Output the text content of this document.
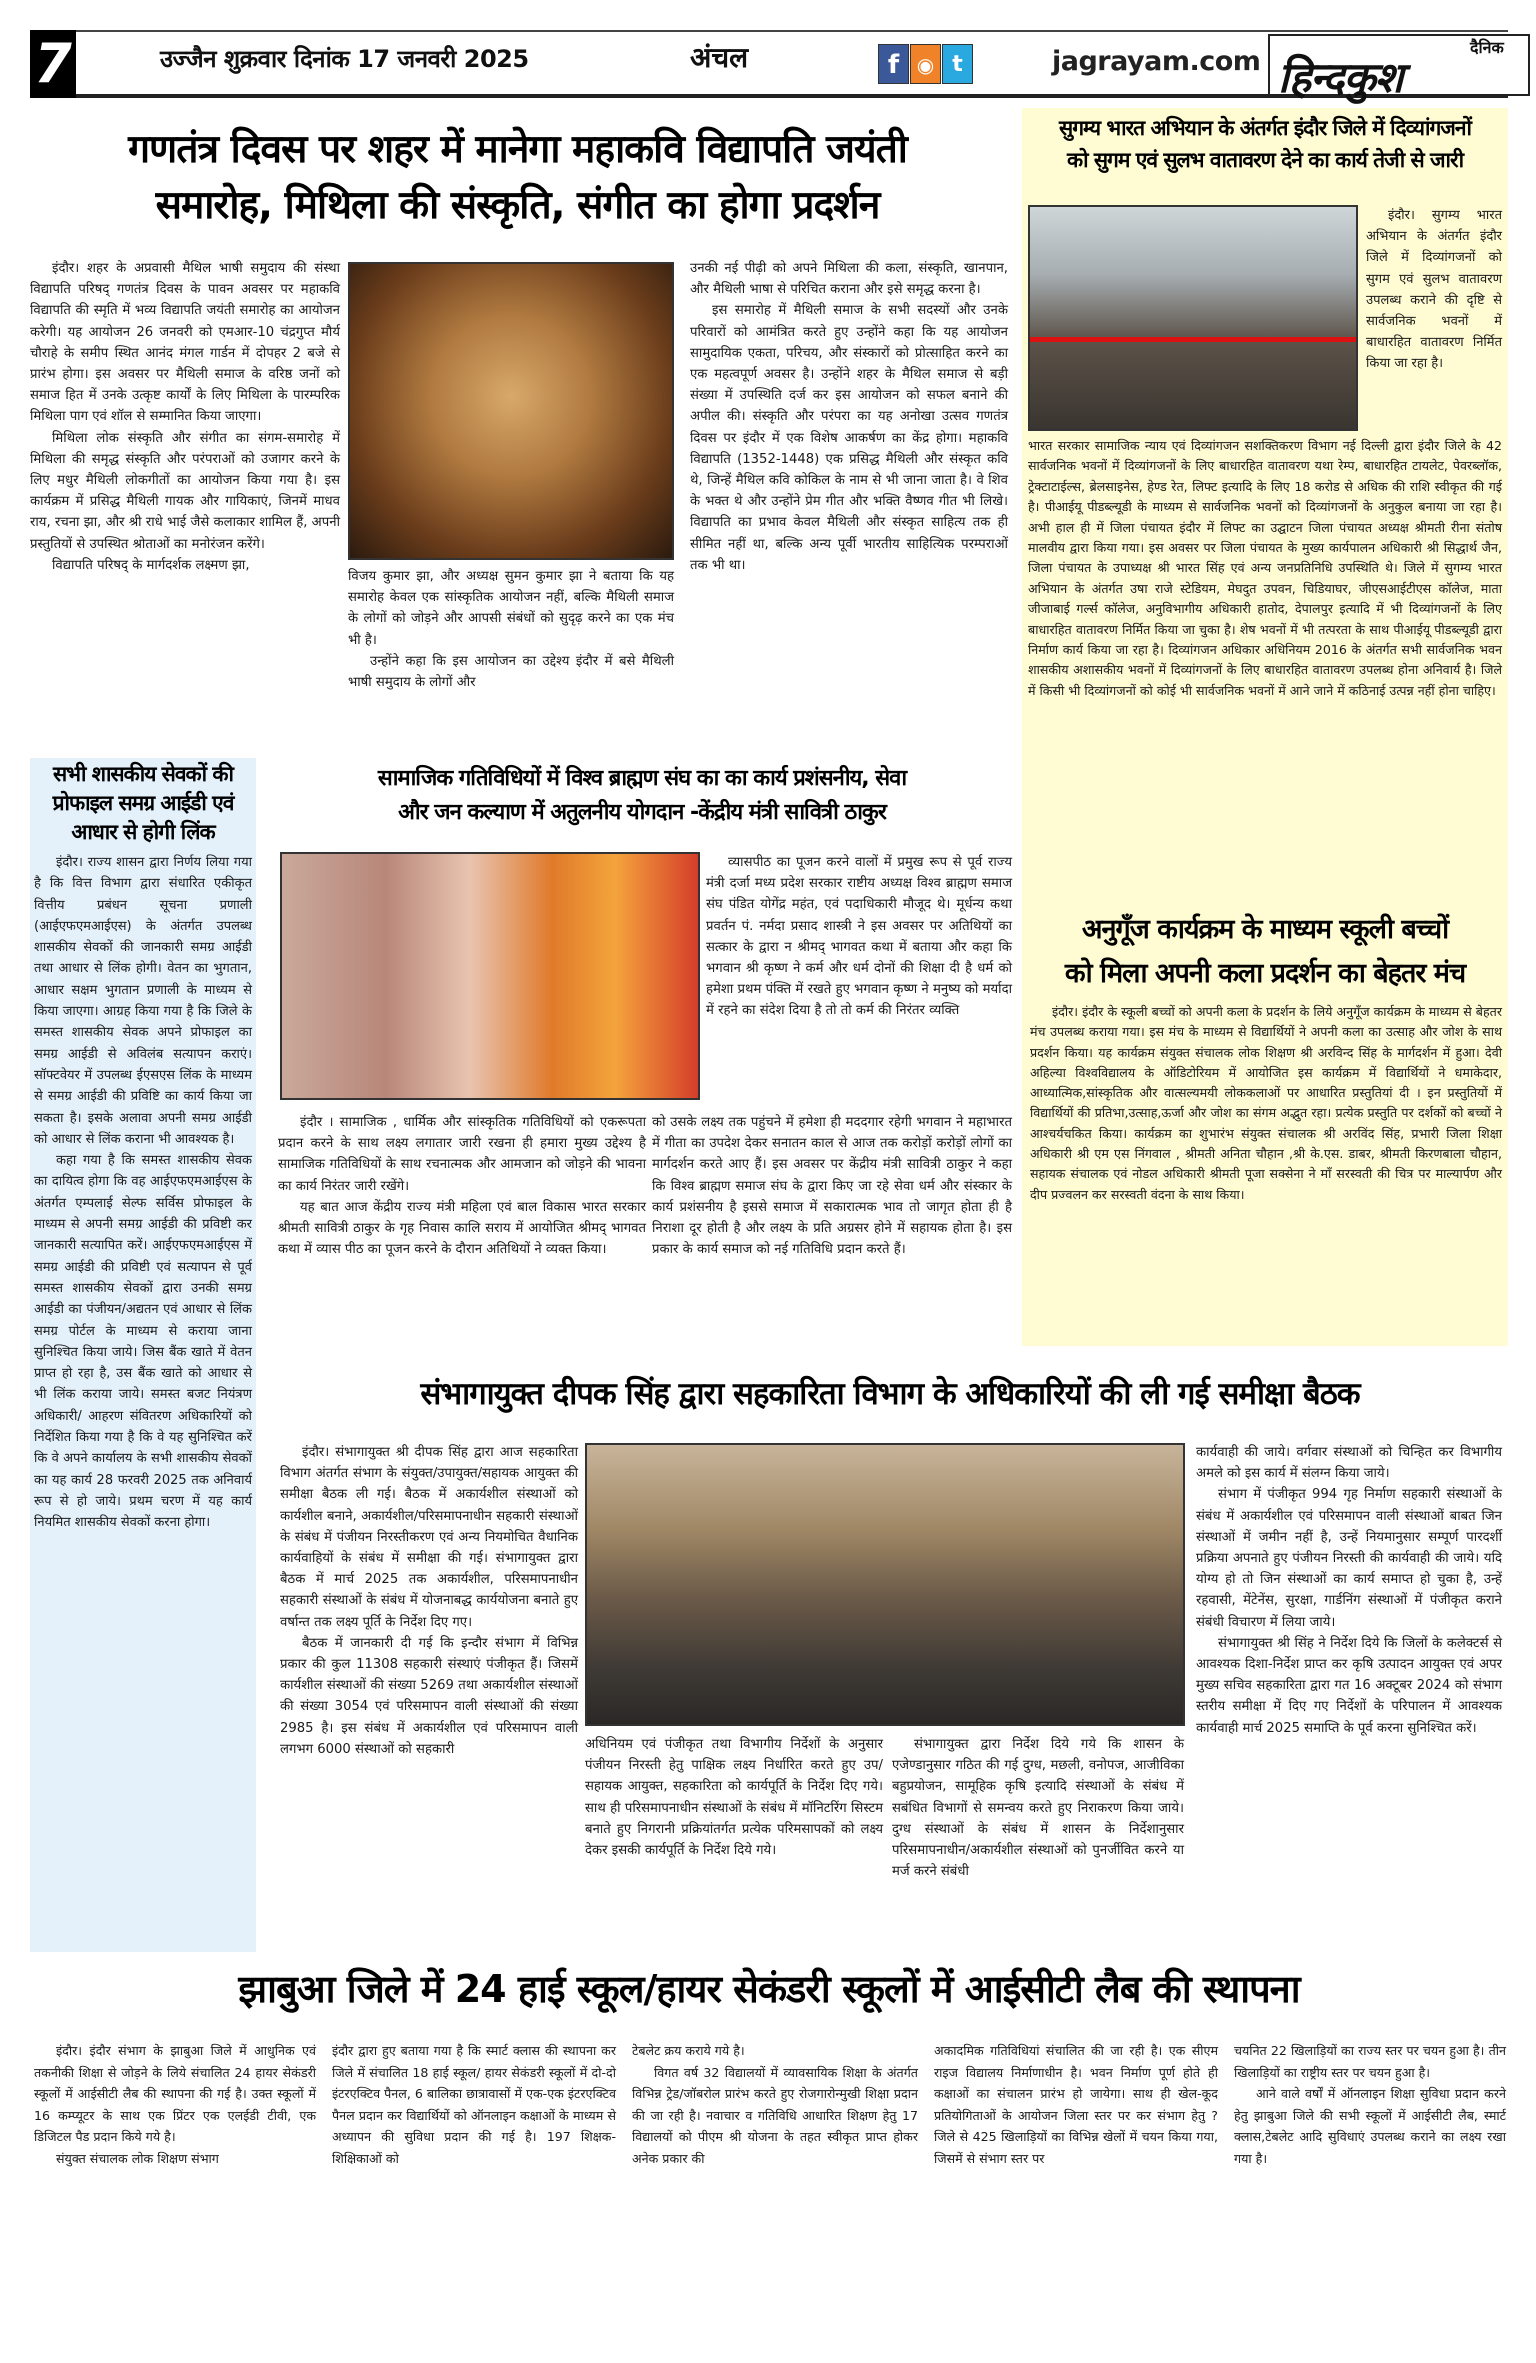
7	उज्जैन शुक्रवार दिनांक 17 जनवरी 2025	अंचल	f ◉ t	jagrayam.com	दैनिक
हिन्दकुश
गणतंत्र दिवस पर शहर में मानेगा महाकवि विद्यापति जयंती
समारोह, मिथिला की संस्कृति, संगीत का होगा प्रदर्शन

इंदौर। शहर के अप्रवासी मैथिल भाषी समुदाय की संस्था विद्यापति परिषद् गणतंत्र दिवस के पावन अवसर पर महाकवि विद्यापति की स्मृति में भव्य विद्यापति जयंती समारोह का आयोजन करेगी। यह आयोजन 26 जनवरी को एमआर-10 चंद्रगुप्त मौर्य चौराहे के समीप स्थित आनंद मंगल गार्डन में दोपहर 2 बजे से प्रारंभ होगा। इस अवसर पर मैथिली समाज के वरिष्ठ जनों को समाज हित में उनके उत्कृष्ट कार्यों के लिए मिथिला के पारम्परिक मिथिला पाग एवं शॉल से सम्मानित किया जाएगा।

मिथिला लोक संस्कृति और संगीत का संगम-समारोह में मिथिला की समृद्ध संस्कृति और परंपराओं को उजागर करने के लिए मधुर मैथिली लोकगीतों का आयोजन किया गया है। इस कार्यक्रम में प्रसिद्ध मैथिली गायक और गायिकाएं, जिनमें माधव राय, रचना झा, और श्री राधे भाई जैसे कलाकार शामिल हैं, अपनी प्रस्तुतियों से उपस्थित श्रोताओं का मनोरंजन करेंगे।

विद्यापति परिषद् के मार्गदर्शक लक्ष्मण झा,

विजय कुमार झा, और अध्यक्ष सुमन कुमार झा ने बताया कि यह समारोह केवल एक सांस्कृतिक आयोजन नहीं, बल्कि मैथिली समाज के लोगों को जोड़ने और आपसी संबंधों को सुदृढ़ करने का एक मंच भी है।

उन्होंने कहा कि इस आयोजन का उद्देश्य इंदौर में बसे मैथिली भाषी समुदाय के लोगों और

उनकी नई पीढ़ी को अपने मिथिला की कला, संस्कृति, खानपान, और मैथिली भाषा से परिचित कराना और इसे समृद्ध करना है।

इस समारोह में मैथिली समाज के सभी सदस्यों और उनके परिवारों को आमंत्रित करते हुए उन्होंने कहा कि यह आयोजन सामुदायिक एकता, परिचय, और संस्कारों को प्रोत्साहित करने का एक महत्वपूर्ण अवसर है। उन्होंने शहर के मैथिल समाज से बड़ी संख्या में उपस्थिति दर्ज कर इस आयोजन को सफल बनाने की अपील की। संस्कृति और परंपरा का यह अनोखा उत्सव गणतंत्र दिवस पर इंदौर में एक विशेष आकर्षण का केंद्र होगा। महाकवि विद्यापति (1352-1448) एक प्रसिद्ध मैथिली और संस्कृत कवि थे, जिन्हें मैथिल कवि कोकिल के नाम से भी जाना जाता है। वे शिव के भक्त थे और उन्होंने प्रेम गीत और भक्ति वैष्णव गीत भी लिखे। विद्यापति का प्रभाव केवल मैथिली और संस्कृत साहित्य तक ही सीमित नहीं था, बल्कि अन्य पूर्वी भारतीय साहित्यिक परम्पराओं तक भी था।

सुगम्य भारत अभियान के अंतर्गत इंदौर जिले में दिव्यांगजनों
को सुगम एवं सुलभ वातावरण देने का कार्य तेजी से जारी

इंदौर। सुगम्य भारत अभियान के अंतर्गत इंदौर जिले में दिव्यांगजनों को सुगम एवं सुलभ वातावरण उपलब्ध कराने की दृष्टि से सार्वजनिक भवनों में बाधारहित वातावरण निर्मित किया जा रहा है।

भारत सरकार सामाजिक न्याय एवं दिव्यांगजन सशक्तिकरण विभाग नई दिल्ली द्वारा इंदौर जिले के 42 सार्वजनिक भवनों में दिव्यांगजनों के लिए बाधारहित वातावरण यथा रेम्प, बाधारहित टायलेट, पेवरब्लॉक, ट्रेक्टाटाईल्स, ब्रेलसाइनेस, हेण्ड रेत, लिफ्ट इत्यादि के लिए 18 करोड से अधिक की राशि स्वीकृत की गई है। पीआईयू पीडब्ल्यूडी के माध्यम से सार्वजनिक भवनों को दिव्यांगजनों के अनुकुल बनाया जा रहा है। अभी हाल ही में जिला पंचायत इंदौर में लिफ्ट का उद्घाटन जिला पंचायत अध्यक्ष श्रीमती रीना संतोष मालवीय द्वारा किया गया। इस अवसर पर जिला पंचायत के मुख्य कार्यपालन अधिकारी श्री सिद्धार्थ जैन, जिला पंचायत के उपाध्यक्ष श्री भारत सिंह एवं अन्य जनप्रतिनिधि उपस्थिति थे। जिले में सुगम्य भारत अभियान के अंतर्गत उषा राजे स्टेडियम, मेघदुत उपवन, चिडियाघर, जीएसआईटीएस कॉलेज, माता जीजाबाई गर्ल्स कॉलेज, अनुविभागीय अधिकारी हातोद, देपालपुर इत्यादि में भी दिव्यांगजनों के लिए बाधारहित वातावरण निर्मित किया जा चुका है। शेष भवनों में भी तत्परता के साथ पीआईयू पीडब्ल्यूडी द्वारा निर्माण कार्य किया जा रहा है। दिव्यांगजन अधिकार अधिनियम 2016 के अंतर्गत सभी सार्वजनिक भवन शासकीय अशासकीय भवनों में दिव्यांगजनों के लिए बाधारहित वातावरण उपलब्ध होना अनिवार्य है। जिले में किसी भी दिव्यांगजनों को कोई भी सार्वजनिक भवनों में आने जाने में कठिनाई उत्पन्न नहीं होना चाहिए।

अनुगूँज कार्यक्रम के माध्यम स्कूली बच्चों
को मिला अपनी कला प्रदर्शन का बेहतर मंच

इंदौर। इंदौर के स्कूली बच्चों को अपनी कला के प्रदर्शन के लिये अनुगूँज कार्यक्रम के माध्यम से बेहतर मंच उपलब्ध कराया गया। इस मंच के माध्यम से विद्यार्थियों ने अपनी कला का उत्साह और जोश के साथ प्रदर्शन किया। यह कार्यक्रम संयुक्त संचालक लोक शिक्षण श्री अरविन्द सिंह के मार्गदर्शन में हुआ। देवी अहिल्या विश्वविद्यालय के ऑडिटोरियम में आयोजित इस कार्यक्रम में विद्यार्थियों ने धमाकेदार, आध्यात्मिक,सांस्कृतिक और वात्सल्यमयी लोककलाओं पर आधारित प्रस्तुतियां दी । इन प्रस्तुतियों में विद्यार्थियों की प्रतिभा,उत्साह,ऊर्जा और जोश का संगम अद्भुत रहा। प्रत्येक प्रस्तुति पर दर्शकों को बच्चों ने आश्चर्यचकित किया। कार्यक्रम का शुभारंभ संयुक्त संचालक श्री अरविंद सिंह, प्रभारी जिला शिक्षा अधिकारी श्री एम एस निंगवाल , श्रीमती अनिता चौहान ,श्री के.एस. डाबर, श्रीमती किरणबाला चौहान, सहायक संचालक एवं नोडल अधिकारी श्रीमती पूजा सक्सेना ने माँ सरस्वती की चित्र पर माल्यार्पण और दीप प्रज्वलन कर सरस्वती वंदना के साथ किया।

सभी शासकीय सेवकों की प्रोफाइल समग्र आईडी एवं आधार से होगी लिंक

इंदौर। राज्य शासन द्वारा निर्णय लिया गया है कि वित्त विभाग द्वारा संधारित एकीकृत वित्तीय प्रबंधन सूचना प्रणाली (आईएफएमआईएस) के अंतर्गत उपलब्ध शासकीय सेवकों की जानकारी समग्र आईडी तथा आधार से लिंक होगी। वेतन का भुगतान, आधार सक्षम भुगतान प्रणाली के माध्यम से किया जाएगा। आग्रह किया गया है कि जिले के समस्त शासकीय सेवक अपने प्रोफाइल का समग्र आईडी से अविलंब सत्यापन कराएं। सॉफ्टवेयर में उपलब्ध ईएसएस लिंक के माध्यम से समग्र आईडी की प्रविष्टि का कार्य किया जा सकता है। इसके अलावा अपनी समग्र आईडी को आधार से लिंक कराना भी आवश्यक है।

कहा गया है कि समस्त शासकीय सेवक का दायित्व होगा कि वह आईएफएमआईएस के अंतर्गत एम्पलाई सेल्फ सर्विस प्रोफाइल के माध्यम से अपनी समग्र आईडी की प्रविष्टी कर जानकारी सत्यापित करें। आईएफएमआईएस में समग्र आईडी की प्रविष्टी एवं सत्यापन से पूर्व समस्त शासकीय सेवकों द्वारा उनकी समग्र आईडी का पंजीयन/अद्यतन एवं आधार से लिंक समग्र पोर्टल के माध्यम से कराया जाना सुनिश्चित किया जाये। जिस बैंक खाते में वेतन प्राप्त हो रहा है, उस बैंक खाते को आधार से भी लिंक कराया जाये। समस्त बजट नियंत्रण अधिकारी/ आहरण संवितरण अधिकारियों को निर्देशित किया गया है कि वे यह सुनिश्चित करें कि वे अपने कार्यालय के सभी शासकीय सेवकों का यह कार्य 28 फरवरी 2025 तक अनिवार्य रूप से हो जाये। प्रथम चरण में यह कार्य नियमित शासकीय सेवकों करना होगा।

सामाजिक गतिविधियों में विश्व ब्राह्मण संघ का का कार्य प्रशंसनीय, सेवा
और जन कल्याण में अतुलनीय योगदान -केंद्रीय मंत्री सावित्री ठाकुर

व्यासपीठ का पूजन करने वालों में प्रमुख रूप से पूर्व राज्य मंत्री दर्जा मध्य प्रदेश सरकार राष्टीय अध्यक्ष विश्व ब्राह्मण समाज संघ पंडित योगेंद्र महंत, एवं पदाधिकारी मौजूद थे। मूर्धन्य कथा प्रवर्तन पं. नर्मदा प्रसाद शास्त्री ने इस अवसर पर अतिथियों का सत्कार के द्वारा न श्रीमद् भागवत कथा में बताया और कहा कि भगवान श्री कृष्ण ने कर्म और धर्म दोनों की शिक्षा दी है धर्म को हमेशा प्रथम पंक्ति में रखते हुए भगवान कृष्ण ने मनुष्य को मर्यादा में रहने का संदेश दिया है तो तो कर्म की निरंतर व्यक्ति

इंदौर । सामाजिक , धार्मिक और सांस्कृतिक गतिविधियों को एकरूपता प्रदान करने के साथ लक्ष्य लगातार जारी रखना ही हमारा मुख्य उद्देश्य है सामाजिक गतिविधियों के साथ रचनात्मक और आमजान को जोड़ने की भावना का कार्य निरंतर जारी रखेंगे।

यह बात आज केंद्रीय राज्य मंत्री महिला एवं बाल विकास भारत सरकार श्रीमती सावित्री ठाकुर के गृह निवास कालि सराय में आयोजित श्रीमद् भागवत कथा में व्यास पीठ का पूजन करने के दौरान अतिथियों ने व्यक्त किया।

को उसके लक्ष्य तक पहुंचने में हमेशा ही मददगार रहेगी भगवान ने महाभारत में गीता का उपदेश देकर सनातन काल से आज तक करोड़ों करोड़ों लोगों का मार्गदर्शन करते आए हैं। इस अवसर पर केंद्रीय मंत्री सावित्री ठाकुर ने कहा कि विश्व ब्राह्मण समाज संघ के द्वारा किए जा रहे सेवा धर्म और संस्कार के कार्य प्रशंसनीय है इससे समाज में सकारात्मक भाव तो जागृत होता ही है निराशा दूर होती है और लक्ष्य के प्रति अग्रसर होने में सहायक होता है। इस प्रकार के कार्य समाज को नई गतिविधि प्रदान करते हैं।

संभागायुक्त दीपक सिंह द्वारा सहकारिता विभाग के अधिकारियों की ली गई समीक्षा बैठक

इंदौर। संभागायुक्त श्री दीपक सिंह द्वारा आज सहकारिता विभाग अंतर्गत संभाग के संयुक्त/उपायुक्त/सहायक आयुक्त की समीक्षा बैठक ली गई। बैठक में अकार्यशील संस्थाओं को कार्यशील बनाने, अकार्यशील/परिसमापनाधीन सहकारी संस्थाओं के संबंध में पंजीयन निरस्तीकरण एवं अन्य नियमोचित वैधानिक कार्यवाहियों के संबंध में समीक्षा की गई। संभागायुक्त द्वारा बैठक में मार्च 2025 तक अकार्यशील, परिसमापनाधीन सहकारी संस्थाओं के संबंध में योजनाबद्ध कार्ययोजना बनाते हुए वर्षान्त तक लक्ष्य पूर्ति के निर्देश दिए गए।

बैठक में जानकारी दी गई कि इन्दौर संभाग में विभिन्न प्रकार की कुल 11308 सहकारी संस्थाएं पंजीकृत हैं। जिसमें कार्यशील संस्थाओं की संख्या 5269 तथा अकार्यशील संस्थाओं की संख्या 3054 एवं परिसमापन वाली संस्थाओं की संख्या 2985 है। इस संबंध में अकार्यशील एवं परिसमापन वाली लगभग 6000 संस्थाओं को सहकारी	अधिनियम एवं पंजीकृत तथा विभागीय निर्देशों के अनुसार पंजीयन निरस्ती हेतु पाक्षिक लक्ष्य निर्धारित करते हुए उप/सहायक आयुक्त, सहकारिता को कार्यपूर्ति के निर्देश दिए गये। साथ ही परिसमापनाधीन संस्थाओं के संबंध में मॉनिटरिंग सिस्टम बनाते हुए निगरानी प्रक्रियांतर्गत प्रत्येक परिमसापकों को लक्ष्य देकर इसकी कार्यपूर्ति के निर्देश दिये गये।

संभागायुक्त द्वारा निर्देश दिये गये कि शासन के एजेण्डानुसार गठित की गई दुग्ध, मछली, वनोपज, आजीविका बहुप्रयोजन, सामूहिक कृषि इत्यादि संस्थाओं के संबंध में सबंधित विभागों से समन्वय करते हुए निराकरण किया जाये। दुग्ध संस्थाओं के संबंध में शासन के निर्देशानुसार परिसमापनाधीन/अकार्यशील संस्थाओं को पुनर्जीवित करने या मर्ज करने संबंधी

कार्यवाही की जाये। वर्गवार संस्थाओं को चिन्हित कर विभागीय अमले को इस कार्य में संलग्न किया जाये।

संभाग में पंजीकृत 994 गृह निर्माण सहकारी संस्थाओं के संबंध में अकार्यशील एवं परिसमापन वाली संस्थाओं बाबत जिन संस्थाओं में जमीन नहीं है, उन्हें नियमानुसार सम्पूर्ण पारदर्शी प्रक्रिया अपनाते हुए पंजीयन निरस्ती की कार्यवाही की जाये। यदि योग्य हो तो जिन संस्थाओं का कार्य समाप्त हो चुका है, उन्हें रहवासी, मेंटेनेंस, सुरक्षा, गार्डनिंग संस्थाओं में पंजीकृत कराने संबंधी विचारण में लिया जाये।

संभागायुक्त श्री सिंह ने निर्देश दिये कि जिलों के कलेक्टर्स से आवश्यक दिशा-निर्देश प्राप्त कर कृषि उत्पादन आयुक्त एवं अपर मुख्य सचिव सहकारिता द्वारा गत 16 अक्टूबर 2024 को संभाग स्तरीय समीक्षा में दिए गए निर्देशों के परिपालन में आवश्यक कार्यवाही मार्च 2025 समाप्ति के पूर्व करना सुनिश्चित करें।

झाबुआ जिले में 24 हाई स्कूल/हायर सेकंडरी स्कूलों में आईसीटी लैब की स्थापना

इंदौर। इंदौर संभाग के झाबुआ जिले में आधुनिक एवं तकनीकी शिक्षा से जोड़ने के लिये संचालित 24 हायर सेकंडरी स्कूलों में आईसीटी लैब की स्थापना की गई है। उक्त स्कूलों में 16 कम्प्यूटर के साथ एक प्रिंटर एक एलईडी टीवी, एक डिजिटल पैड प्रदान किये गये है।

संयुक्त संचालक लोक शिक्षण संभाग

इंदौर द्वारा हुए बताया गया है कि स्मार्ट क्लास की स्थापना कर जिले में संचालित 18 हाई स्कूल/ हायर सेकंडरी स्कूलों में दो-दो इंटरएक्टिव पैनल, 6 बालिका छात्रावासों में एक-एक इंटरएक्टिव पैनल प्रदान कर विद्यार्थियों को ऑनलाइन कक्षाओं के माध्यम से अध्यापन की सुविधा प्रदान की गई है। 197 शिक्षक-शिक्षिकाओं को

टेबलेट क्रय कराये गये है।

विगत वर्ष 32 विद्यालयों में व्यावसायिक शिक्षा के अंतर्गत विभिन्न ट्रेड/जॉबरोल प्रारंभ करते हुए रोजगारोन्मुखी शिक्षा प्रदान की जा रही है। नवाचार व गतिविधि आधारित शिक्षण हेतु 17 विद्यालयों को पीएम श्री योजना के तहत स्वीकृत प्राप्त होकर अनेक प्रकार की

अकादमिक गतिविधियां संचालित की जा रही है। एक सीएम राइज विद्यालय निर्माणाधीन है। भवन निर्माण पूर्ण होते ही कक्षाओं का संचालन प्रारंभ हो जायेगा। साथ ही खेल-कूद प्रतियोगिताओं के आयोजन जिला स्तर पर कर संभाग हेतु ?जिले से 425 खिलाड़ियों का विभिन्न खेलों में चयन किया गया, जिसमें से संभाग स्तर पर

चयनित 22 खिलाड़ियों का राज्य स्तर पर चयन हुआ है। तीन खिलाड़ियों का राष्ट्रीय स्तर पर चयन हुआ है।

आने वाले वर्षों में ऑनलाइन शिक्षा सुविधा प्रदान करने हेतु झाबुआ जिले की सभी स्कूलों में आईसीटी लैब, स्मार्ट क्लास,टेबलेट आदि सुविधाएं उपलब्ध कराने का लक्ष्य रखा गया है।
